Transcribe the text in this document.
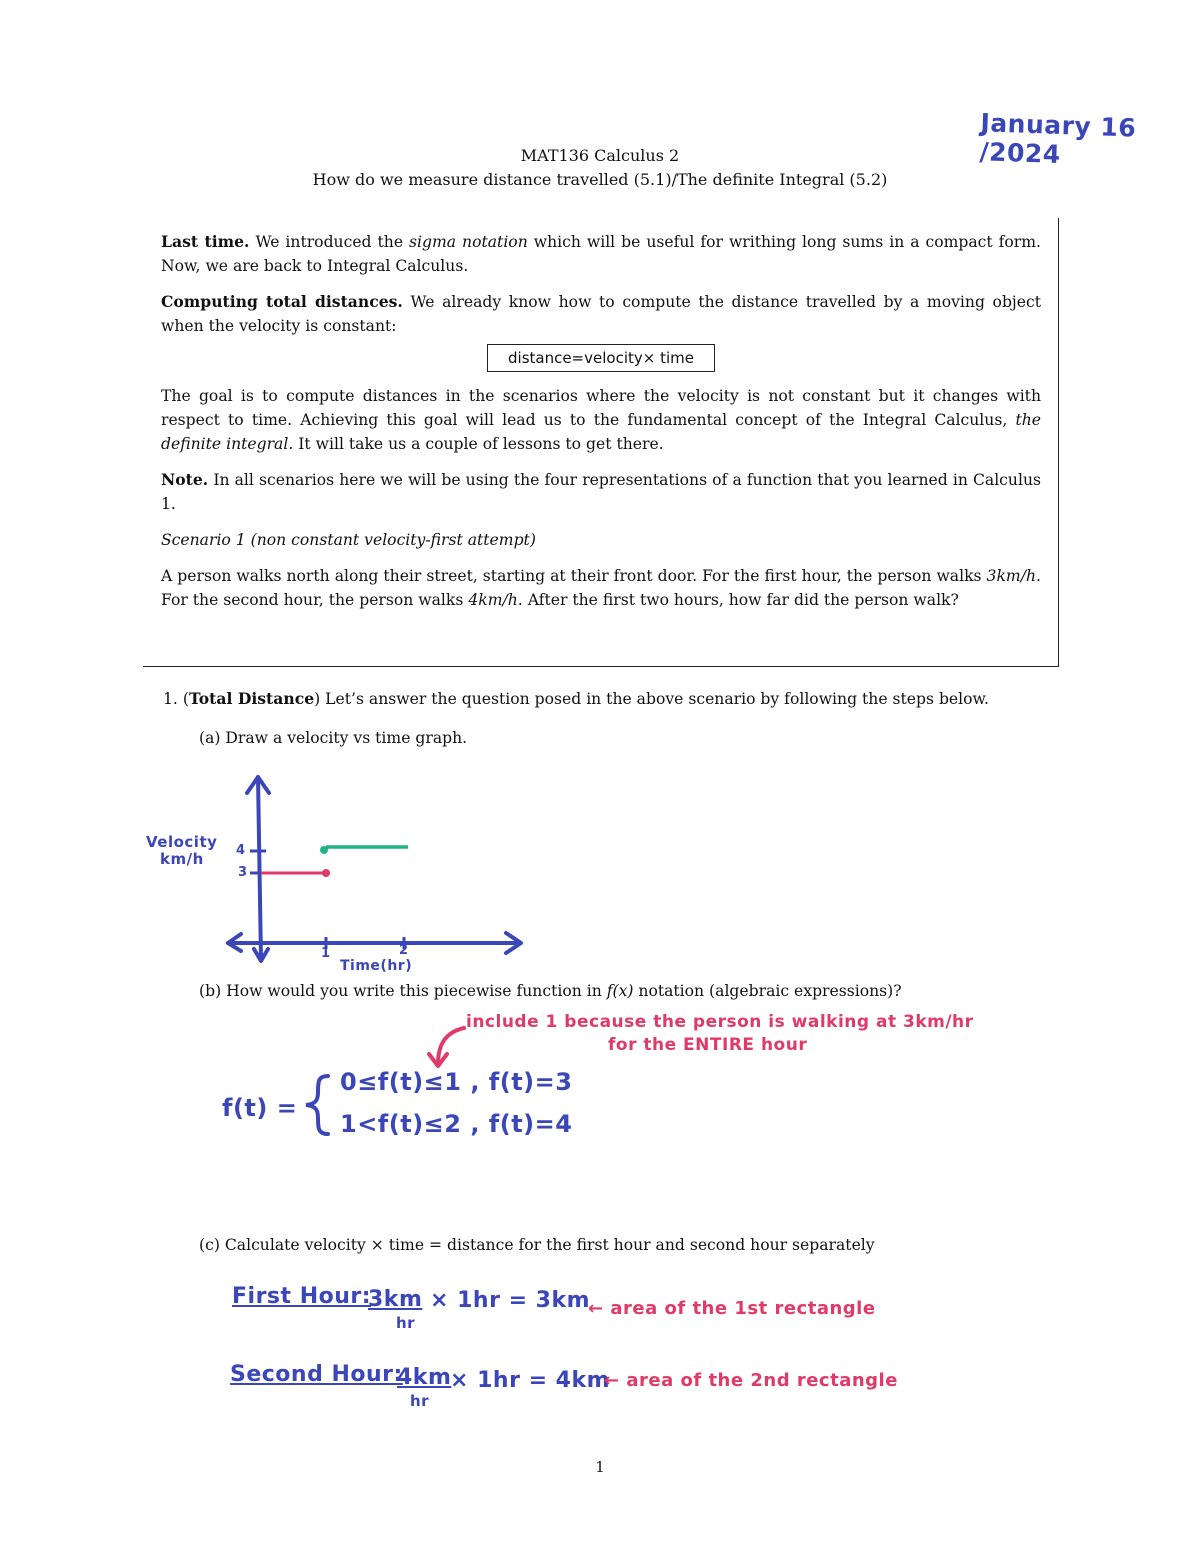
January 16 /2024
MAT136 Calculus 2
How do we measure distance travelled (5.1)/The definite Integral (5.2)

Last time. We introduced the sigma notation which will be useful for writhing long sums in a compact form. Now, we are back to Integral Calculus.

Computing total distances. We already know how to compute the distance travelled by a moving object when the velocity is constant:

distance=velocity× time

The goal is to compute distances in the scenarios where the velocity is not constant but it changes with respect to time. Achieving this goal will lead us to the fundamental concept of the Integral Calculus, the definite integral. It will take us a couple of lessons to get there.

Note. In all scenarios here we will be using the four representations of a function that you learned in Calculus 1.

Scenario 1 (non constant velocity-first attempt)

A person walks north along their street, starting at their front door. For the first hour, the person walks 3km/h. For the second hour, the person walks 4km/h. After the first two hours, how far did the person walk?

1. (Total Distance) Let’s answer the question posed in the above scenario by following the steps below.
(a) Draw a velocity vs time graph.
Velocity
km/h	4
3
1	2
Time(hr)
(b) How would you write this piecewise function in f(x) notation (algebraic expressions)?
include 1 because the person is walking at 3km/hr
for the ENTIRE hour
f(t) =
0≤f(t)≤1 , f(t)=3
1<f(t)≤2 , f(t)=4
(c) Calculate velocity × time = distance for the first hour and second hour separately
First Hour:
3km
hr
× 1hr = 3km
← area of the 1st rectangle
Second Hour:
4km
hr
× 1hr = 4km
← area of the 2nd rectangle
1
